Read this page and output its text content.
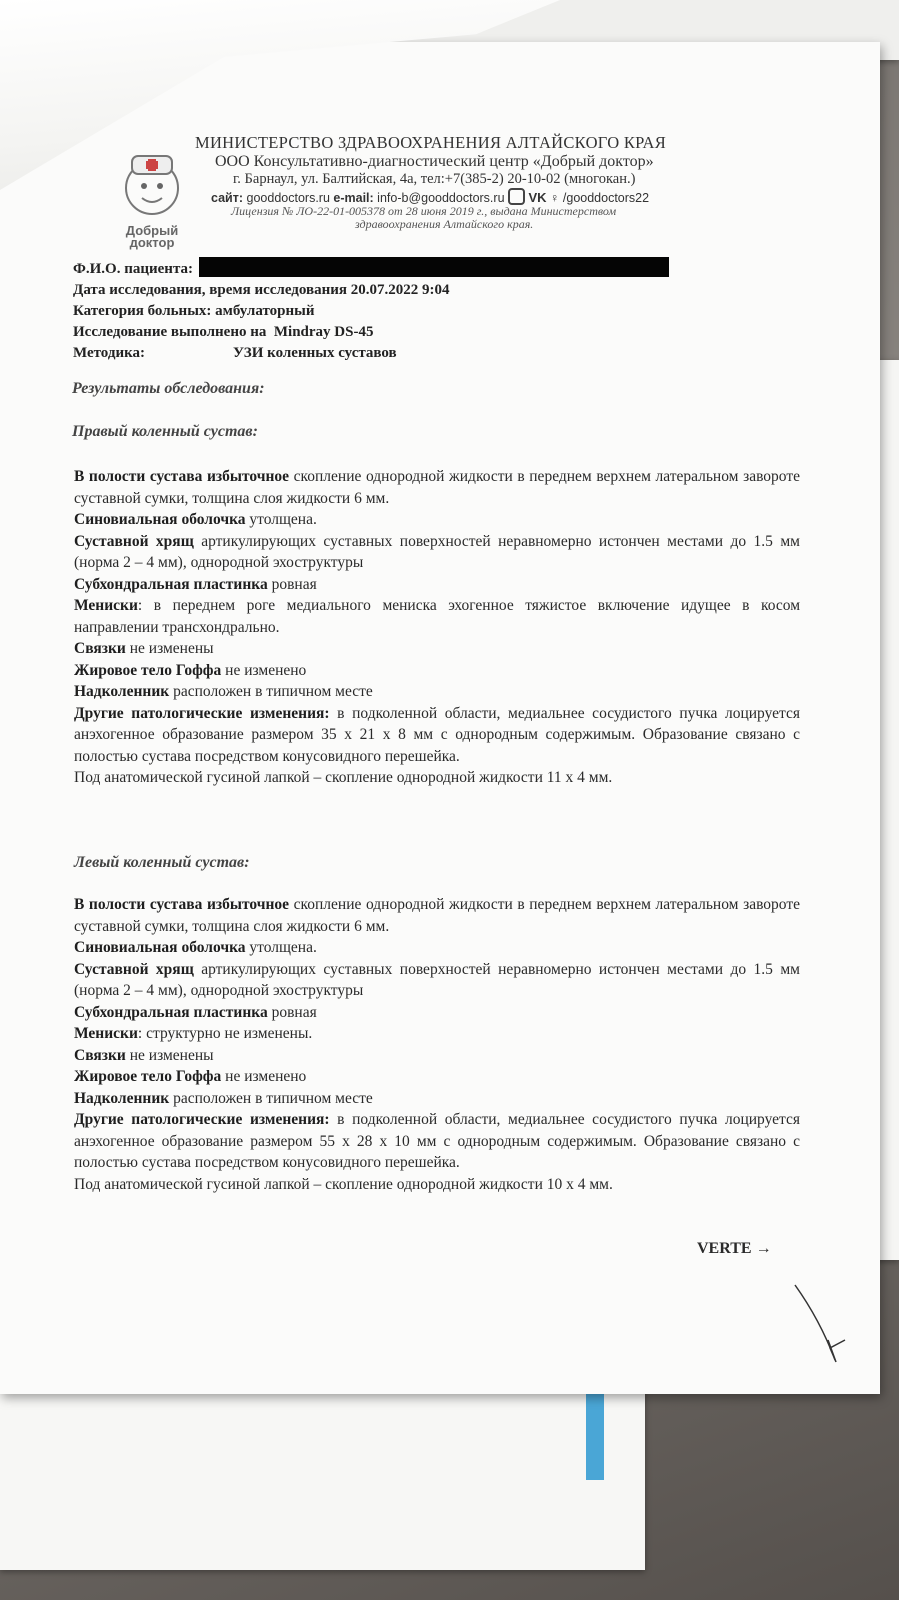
Добрый
доктор
МИНИСТЕРСТВО ЗДРАВООХРАНЕНИЯ АЛТАЙСКОГО КРАЯ
ООО Консультативно-диагностический центр «Добрый доктор»
г. Барнаул, ул. Балтийская, 4а, тел:+7(385-2) 20-10-02 (многокан.)
сайт: gooddoctors.ru e-mail: info-b@gooddoctors.ru VK ♀ /gooddoctors22
Лицензия № ЛО-22-01-005378 от 28 июня 2019 г., выдана Министерством
здравоохранения Алтайского края.
Ф.И.О. пациента:
Дата исследования, время исследования 20.07.2022 9:04
Категория больных: амбулаторный
Исследование выполнено на Mindray DS-45
Методика:	УЗИ коленных суставов
Результаты обследования:
Правый коленный сустав:

В полости сустава избыточное скопление однородной жидкости в переднем верхнем латеральном завороте суставной сумки, толщина слоя жидкости 6 мм.

Синовиальная оболочка утолщена.

Суставной хрящ артикулирующих суставных поверхностей неравномерно истончен местами до 1.5 мм (норма 2 – 4 мм), однородной эхоструктуры

Субхондральная пластинка ровная

Мениски: в переднем роге медиального мениска эхогенное тяжистое включение идущее в косом направлении трансхондрально.

Связки не изменены

Жировое тело Гоффа не изменено

Надколенник расположен в типичном месте

Другие патологические изменения: в подколенной области, медиальнее сосудистого пучка лоцируется анэхогенное образование размером 35 х 21 х 8 мм с однородным содержимым. Образование связано с полостью сустава посредством конусовидного перешейка.

Под анатомической гусиной лапкой – скопление однородной жидкости 11 х 4 мм.

Левый коленный сустав:

В полости сустава избыточное скопление однородной жидкости в переднем верхнем латеральном завороте суставной сумки, толщина слоя жидкости 6 мм.

Синовиальная оболочка утолщена.

Суставной хрящ артикулирующих суставных поверхностей неравномерно истончен местами до 1.5 мм (норма 2 – 4 мм), однородной эхоструктуры

Субхондральная пластинка ровная

Мениски: структурно не изменены.

Связки не изменены

Жировое тело Гоффа не изменено

Надколенник расположен в типичном месте

Другие патологические изменения: в подколенной области, медиальнее сосудистого пучка лоцируется анэхогенное образование размером 55 х 28 х 10 мм с однородным содержимым. Образование связано с полостью сустава посредством конусовидного перешейка.

Под анатомической гусиной лапкой – скопление однородной жидкости 10 х 4 мм.

VERTE →
